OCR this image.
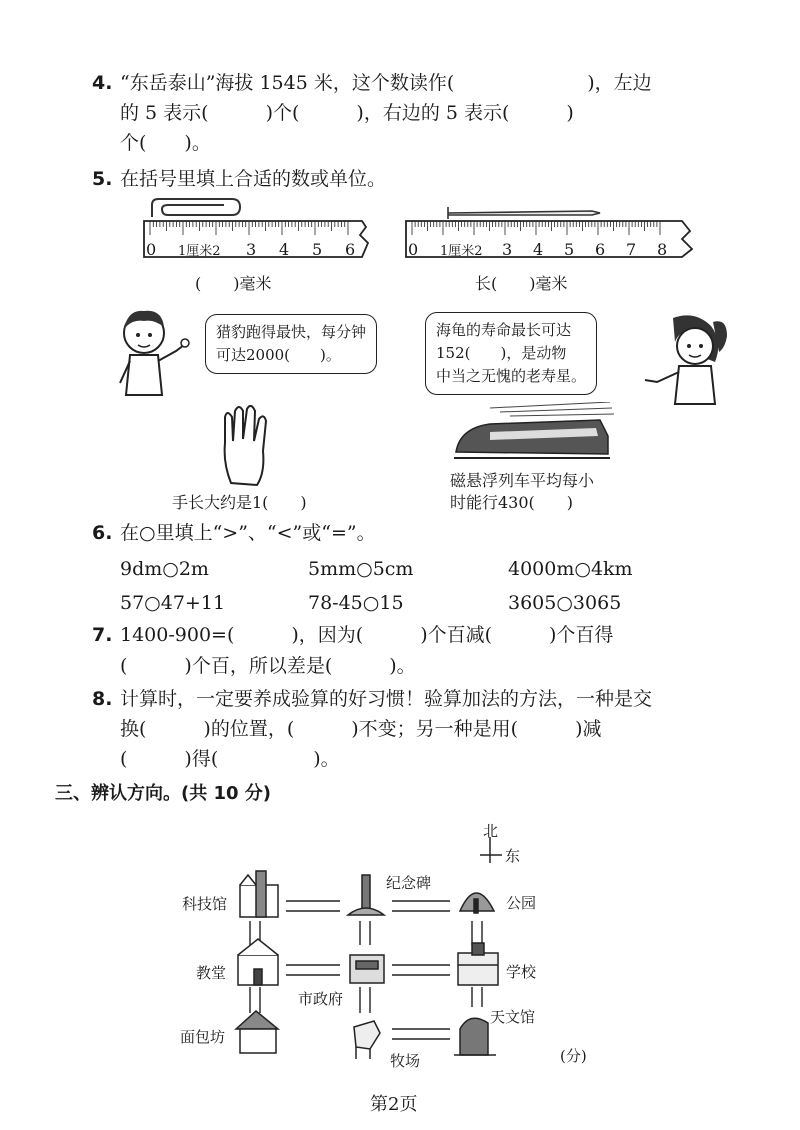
4. “东岳泰山”海拔 1545 米，这个数读作(　　　　　　　)，左边
的 5 表示(　　　)个(　　　)，右边的 5 表示(　　　)
个(　　)。
5. 在括号里填上合适的数或单位。
0 1厘米2 3 4 5 6
(　　)毫米
0 1厘米2 3 4 5 6 7 8
长(　　)毫米
猎豹跑得最快，每分钟
可达2000(　　)。
海龟的寿命最长可达
152(　　)，是动物
中当之无愧的老寿星。
手长大约是1(　　)
磁悬浮列车平均每小
时能行430(　　)
6. 在○里填上“>”、“<”或“=”。
9dm○2m	5mm○5cm	4000m○4km
57○47+11	78-45○15	3605○3065
7. 1400-900=(　　　)，因为(　　　)个百减(　　　)个百得
(　　　)个百，所以差是(　　　)。
8. 计算时，一定要养成验算的好习惯！验算加法的方法，一种是交
换(　　　)的位置，(　　　)不变；另一种是用(　　　)减
(　　　)得(　　　　　)。
三、辨认方向。(共 10 分)
北
东
科技馆
纪念碑
公园
教堂
市政府
学校
面包坊
牧场
天文馆
(分)
第2页
